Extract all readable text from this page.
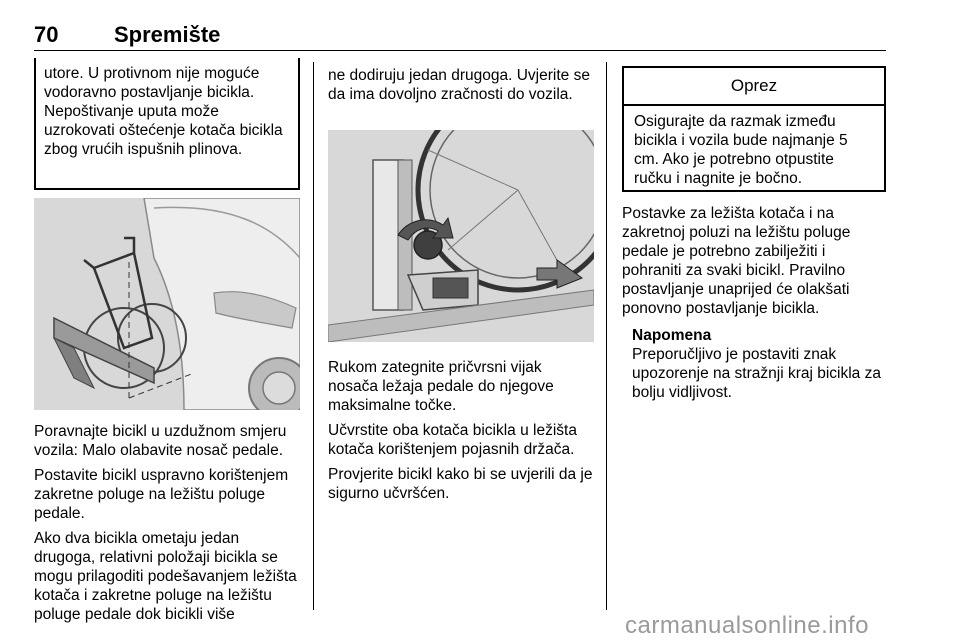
70	Spremište
utore. U protivnom nije moguće vodoravno postavljanje bicikla. Nepoštivanje uputa može uzrokovati oštećenje kotača bicikla zbog vrućih ispušnih plinova.

Poravnajte bicikl u uzdužnom smjeru vozila: Malo olabavite nosač pedale.

Postavite bicikl uspravno korištenjem zakretne poluge na ležištu poluge pedale.

Ako dva bicikla ometaju jedan drugoga, relativni položaji bicikla se mogu prilagoditi podešavanjem ležišta kotača i zakretne poluge na ležištu poluge pedale dok bicikli više

ne dodiruju jedan drugoga. Uvjerite se da ima dovoljno zračnosti do vozila.

Rukom zategnite pričvrsni vijak nosača ležaja pedale do njegove maksimalne točke.

Učvrstite oba kotača bicikla u ležišta kotača korištenjem pojasnih držača.

Provjerite bicikl kako bi se uvjerili da je sigurno učvršćen.

Oprez
Osigurajte da razmak između bicikla i vozila bude najmanje 5 cm. Ako je potrebno otpustite ručku i nagnite je bočno.

Postavke za ležišta kotača i na zakretnoj poluzi na ležištu poluge pedale je potrebno zabilježiti i pohraniti za svaki bicikl. Pravilno postavljanje unaprijed će olakšati ponovno postavljanje bicikla.

Napomena
Preporučljivo je postaviti znak upozorenje na stražnji kraj bicikla za bolju vidljivost.
carmanualsonline.info
